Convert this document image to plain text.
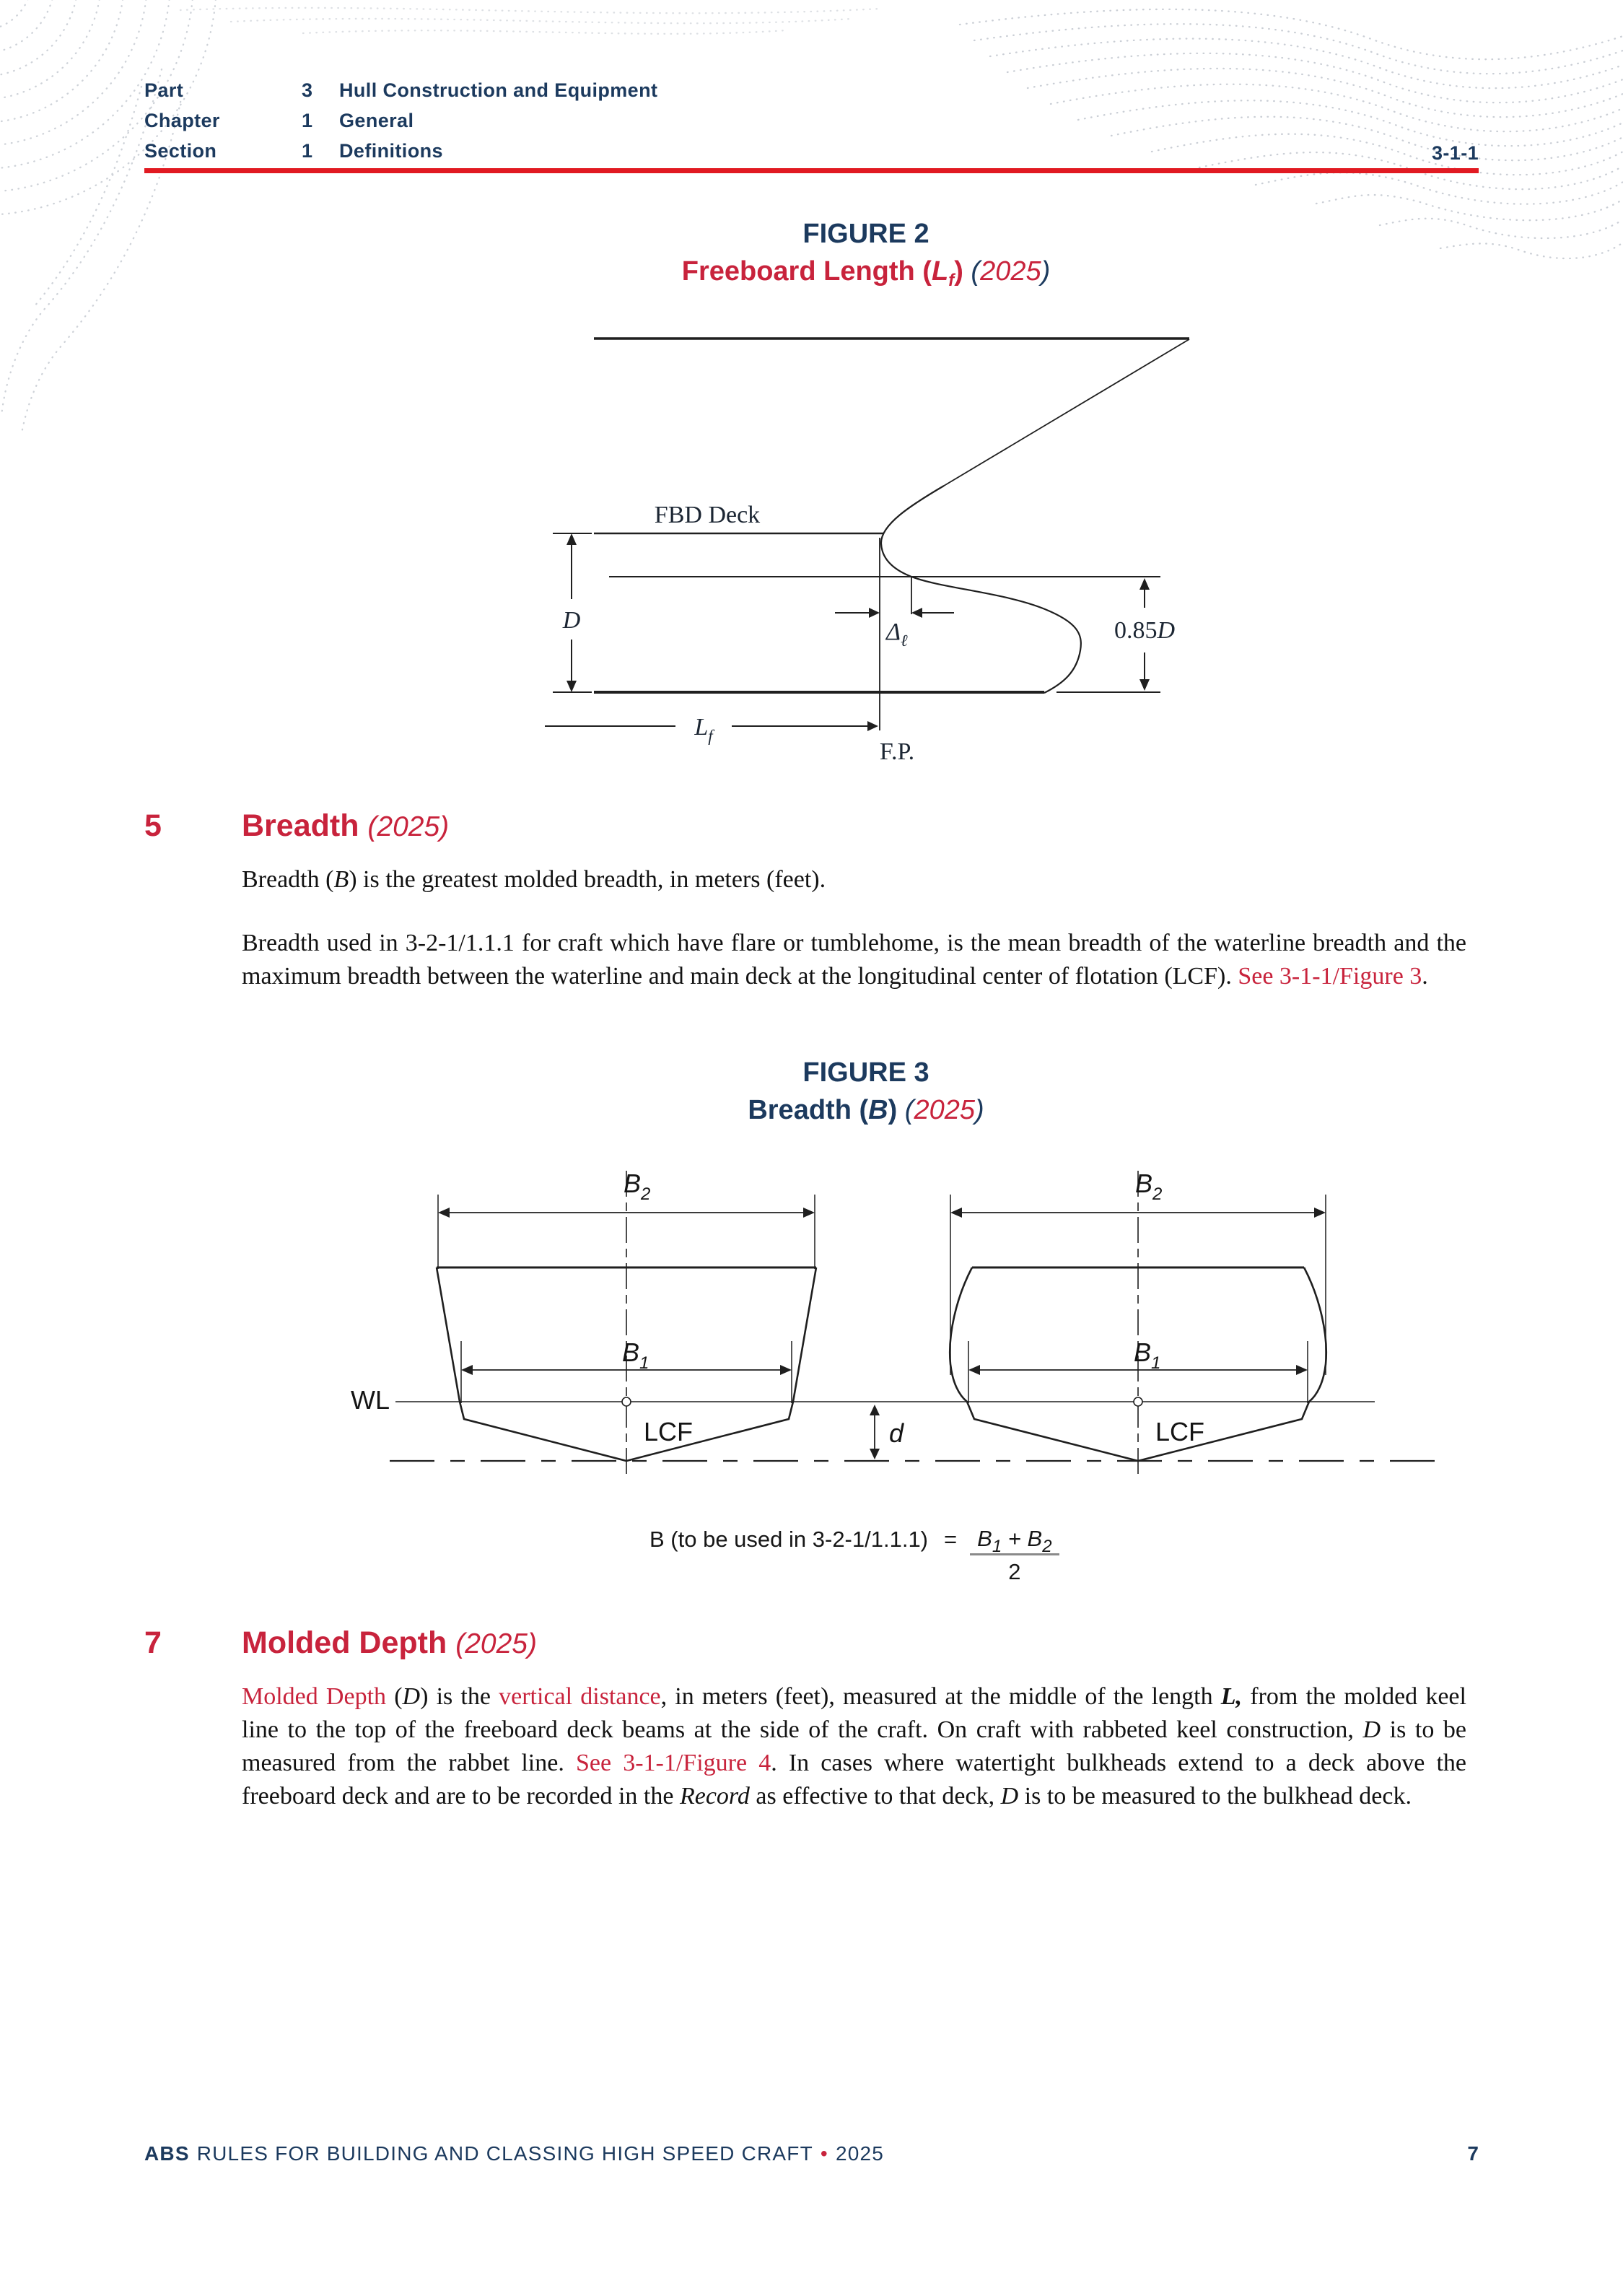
Part	3 Hull Construction and Equipment
Chapter	1 General
Section	1 Definitions	3-1-1
FIGURE 2
Freeboard Length $(L_f)$ (2025)
D	$\Delta_\ell$	0.85D
$L_f$
FBD Deck
F.P.
5	Breadth (2025)
Breadth (B) is the greatest molded breadth, in meters (feet).
Breadth used in 3-2-1/1.1.1 for craft which have flare or tumblehome, is the mean breadth of the waterline breadth and the maximum breadth between the waterline and main deck at the longitudinal center of flotation (LCF). See 3-1-1/Figure 3.
FIGURE 3
Breadth (B) (2025)
$B_2$
$B_1$
LCF
$B_2$
$B_1$
LCF
WL
d
B (to be used in $3-2-1/1.1.1) = \frac{B_1 + B_2}{2}$
7	Molded Depth (2025)
Molded Depth (D) is the vertical distance, in meters (feet), measured at the middle of the length L, from the molded keel line to the top of the freeboard deck beams at the side of the craft. On craft with rabbeted keel construction, D is to be measured from the rabbet line. See 3-1-1/Figure 4. In cases where watertight bulkheads extend to a deck above the freeboard deck and are to be recorded in the Record as effective to that deck, D is to be measured to the bulkhead deck.
ABS RULES FOR BUILDING AND CLASSING HIGH SPEED CRAFT • 2025	7
